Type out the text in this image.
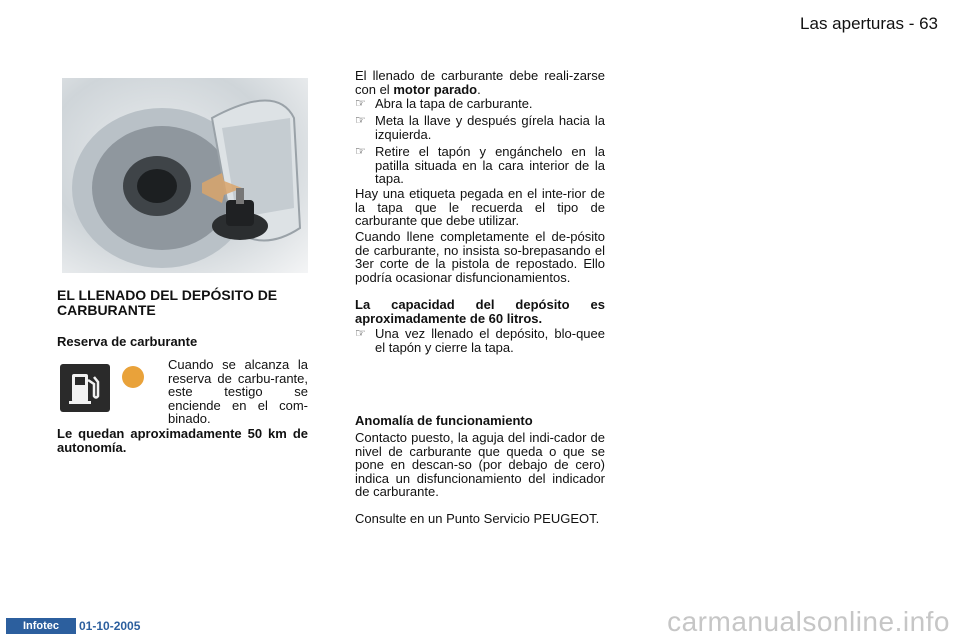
Las aperturas - 63
EL LLENADO DEL DEPÓSITO DE CARBURANTE
Reserva de carburante
Cuando se alcanza la reserva de carbu-rante, este testigo se enciende en el com-binado.
Le quedan aproximadamente 50 km de autonomía.
El llenado de carburante debe reali-zarse con el motor parado.
☞ Abra la tapa de carburante.
☞ Meta la llave y después gírela hacia la izquierda.
☞ Retire el tapón y engánchelo en la patilla situada en la cara interior de la tapa.
Hay una etiqueta pegada en el inte-rior de la tapa que le recuerda el tipo de carburante que debe utilizar.
Cuando llene completamente el de-pósito de carburante, no insista so-brepasando el 3er corte de la pistola de repostado. Ello podría ocasionar disfuncionamientos.
La capacidad del depósito es aproximadamente de 60 litros.
☞ Una vez llenado el depósito, blo-quee el tapón y cierre la tapa.
Anomalía de funcionamiento
Contacto puesto, la aguja del indi-cador de nivel de carburante que queda o que se pone en descan-so (por debajo de cero) indica un disfuncionamiento del indicador de carburante.
Consulte en un Punto Servicio PEUGEOT.
Infotec	01-10-2005	carmanualsonline.info
